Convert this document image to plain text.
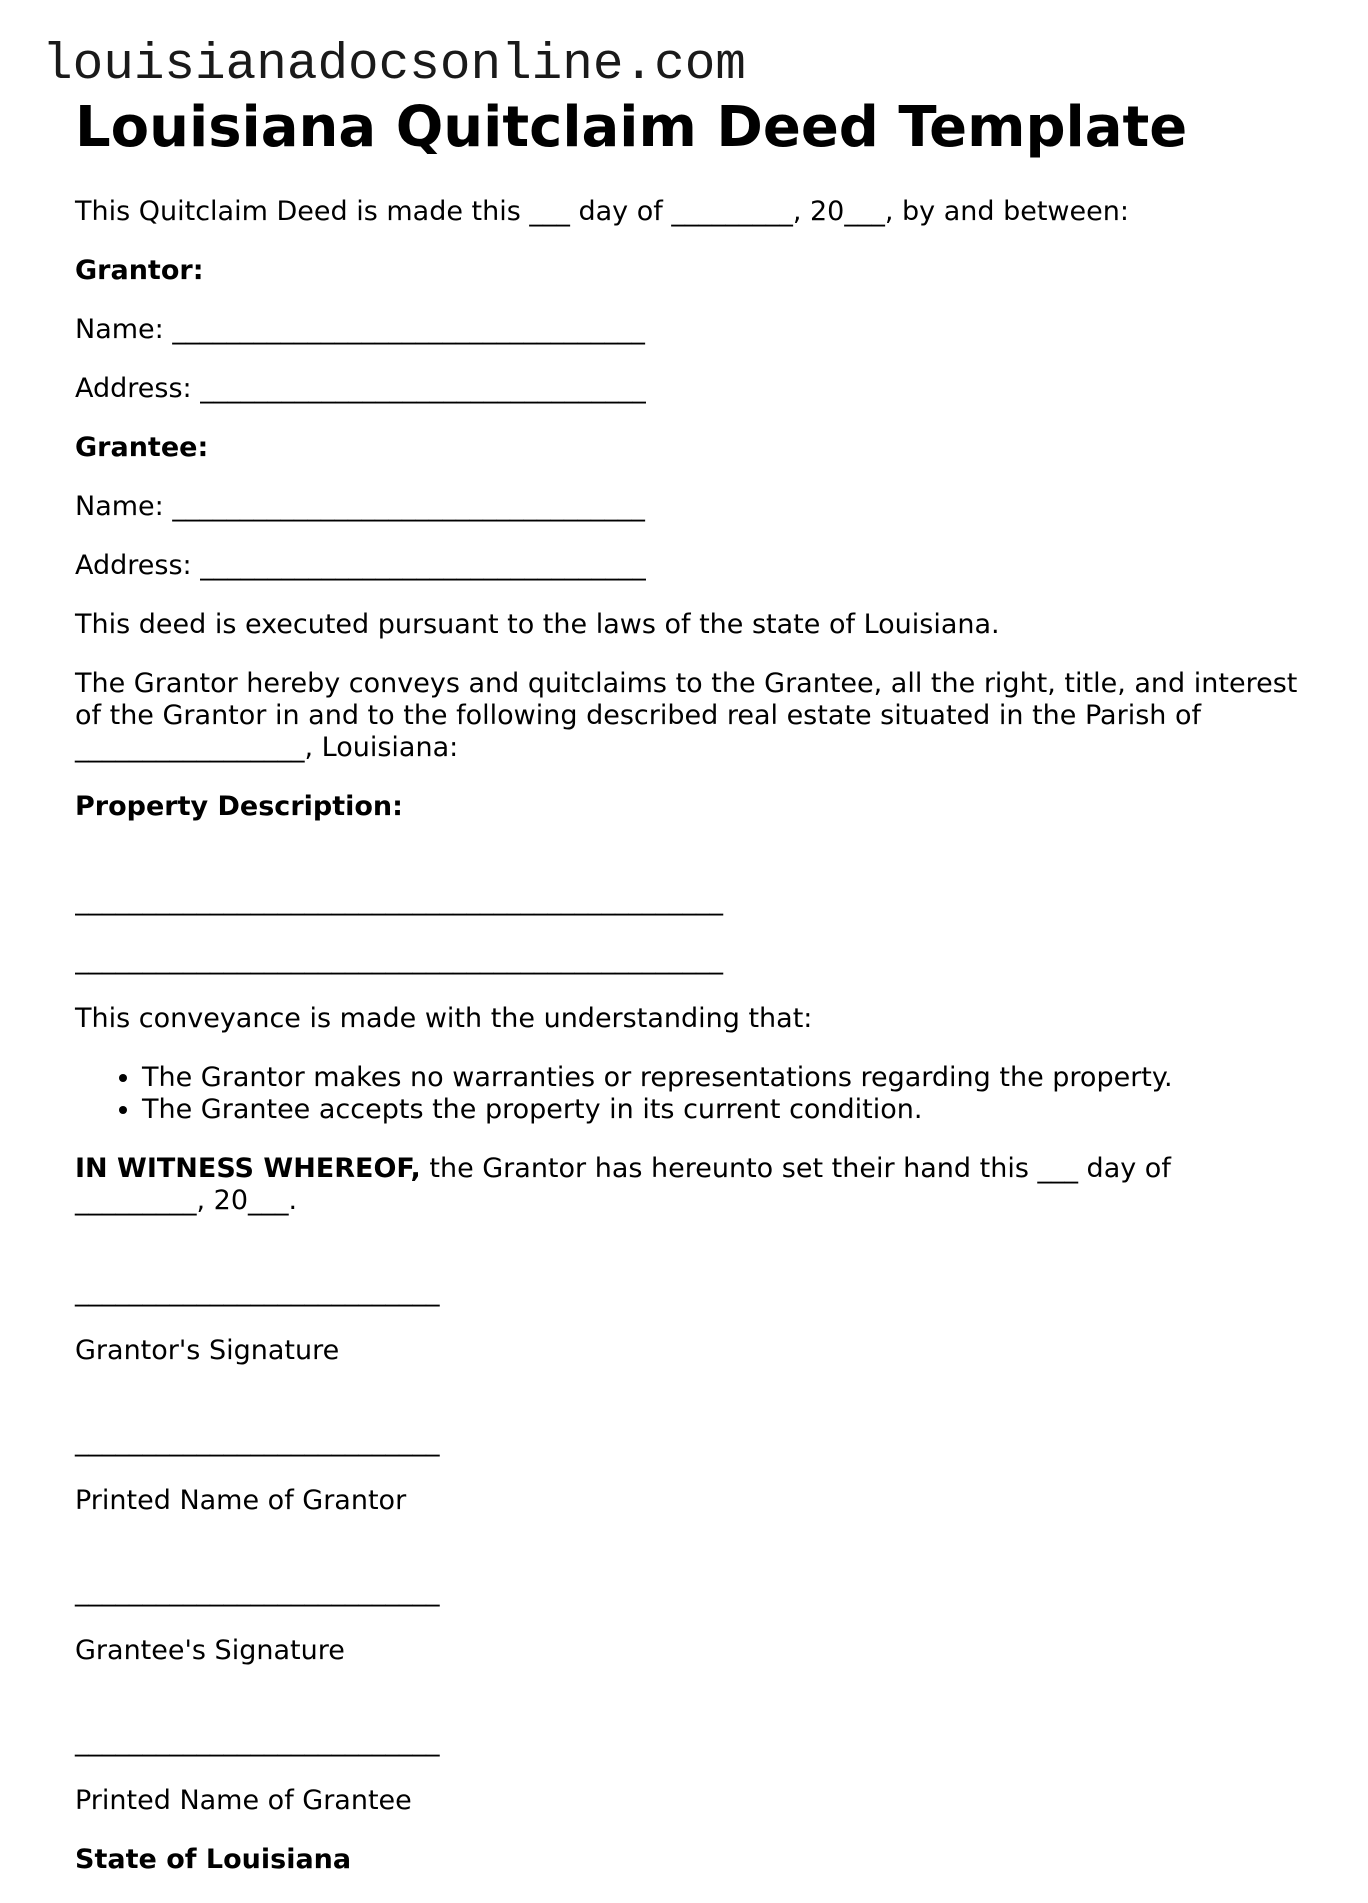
louisianadocsonline.com
Louisiana Quitclaim Deed Template

This Quitclaim Deed is made this ___ day of _________, 20___, by and between:

Grantor:

Name: ___________________________________
Address: _________________________________

Grantee:

Name: ___________________________________
Address: _________________________________

This deed is executed pursuant to the laws of the state of Louisiana.

The Grantor hereby conveys and quitclaims to the Grantee, all the right, title, and interest of the Grantor in and to the following described real estate situated in the Parish of _________________, Louisiana:

Property Description:

________________________________________________
________________________________________________

This conveyance is made with the understanding that:

• The Grantor makes no warranties or representations regarding the property.
• The Grantee accepts the property in its current condition.

IN WITNESS WHEREOF, the Grantor has hereunto set their hand this ___ day of _________, 20___.

___________________________

Grantor's Signature

___________________________

Printed Name of Grantor

___________________________

Grantee's Signature

___________________________

Printed Name of Grantee

State of Louisiana
